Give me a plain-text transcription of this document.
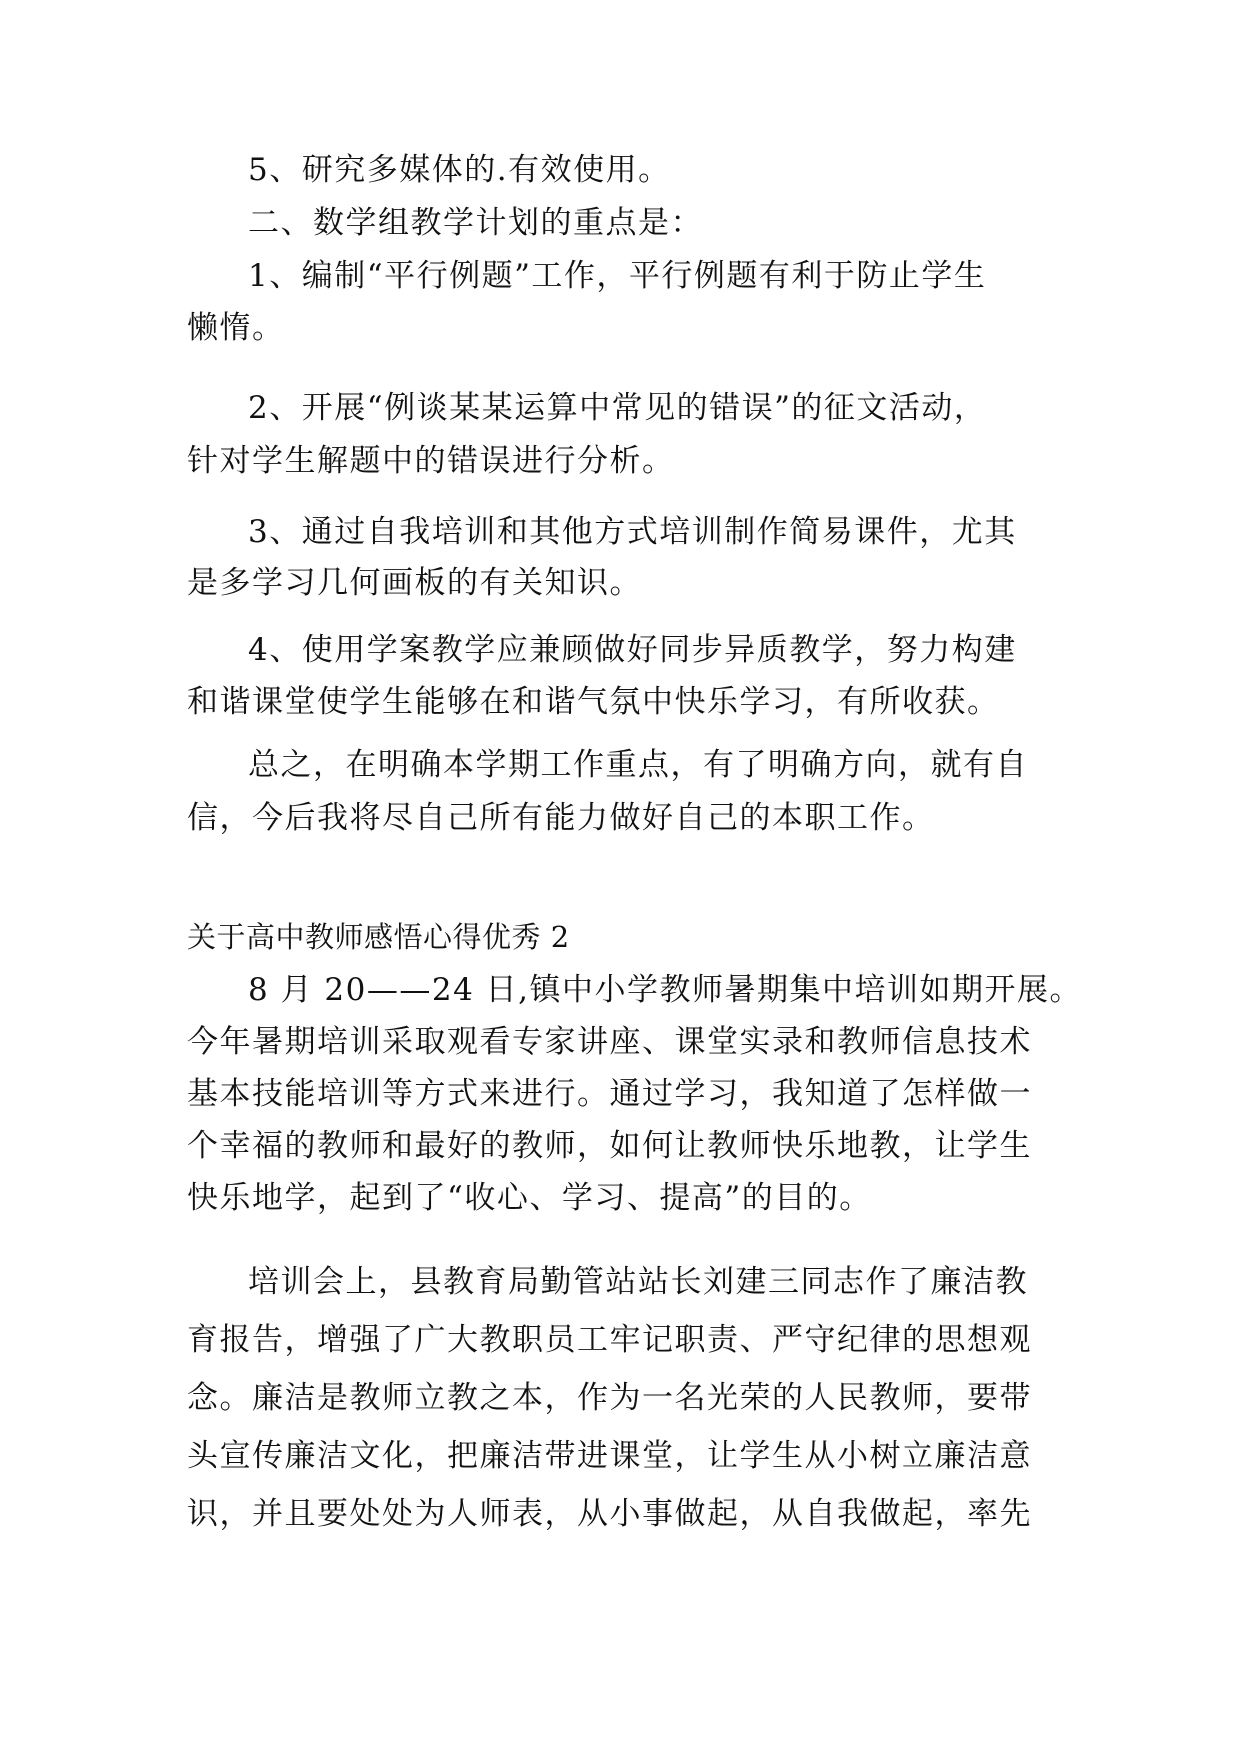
5、研究多媒体的.有效使用。
二、数学组教学计划的重点是：
1、编制“平行例题”工作，平行例题有利于防止学生
懒惰。
2、开展“例谈某某运算中常见的错误”的征文活动，
针对学生解题中的错误进行分析。
3、通过自我培训和其他方式培训制作简易课件，尤其
是多学习几何画板的有关知识。
4、使用学案教学应兼顾做好同步异质教学，努力构建
和谐课堂使学生能够在和谐气氛中快乐学习，有所收获。
总之，在明确本学期工作重点，有了明确方向，就有自
信，今后我将尽自己所有能力做好自己的本职工作。
关于高中教师感悟心得优秀 2
8 月 20——24 日,镇中小学教师暑期集中培训如期开展。
今年暑期培训采取观看专家讲座、课堂实录和教师信息技术
基本技能培训等方式来进行。通过学习，我知道了怎样做一
个幸福的教师和最好的教师，如何让教师快乐地教，让学生
快乐地学，起到了“收心、学习、提高”的目的。
培训会上，县教育局勤管站站长刘建三同志作了廉洁教
育报告，增强了广大教职员工牢记职责、严守纪律的思想观
念。廉洁是教师立教之本，作为一名光荣的人民教师，要带
头宣传廉洁文化，把廉洁带进课堂，让学生从小树立廉洁意
识，并且要处处为人师表，从小事做起，从自我做起，率先
